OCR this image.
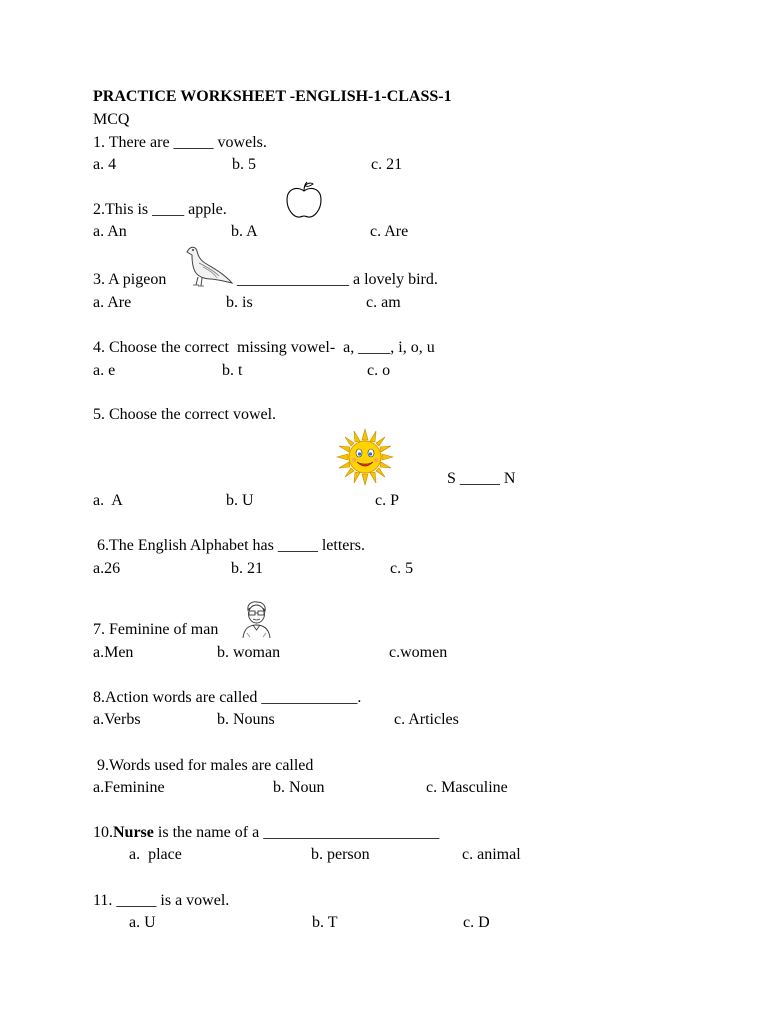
PRACTICE WORKSHEET -ENGLISH-1-CLASS-1
MCQ
1. There are _____ vowels.
a. 4	b. 5	c. 21
2.This is ____ apple.
a. An	b. A	c. Are
3. A pigeon	______________ a lovely bird.
a. Are	b. is	c. am
4. Choose the correct  missing vowel-  a, ____, i, o, u
a. e	b. t	c. o
5. Choose the correct vowel.
S _____ N
a.  A	b. U	c. P
6.The English Alphabet has _____ letters.
a.26	b. 21	c. 5
7. Feminine of man
a.Men	b. woman	c.women
8.Action words are called ____________.
a.Verbs	b. Nouns	c. Articles
9.Words used for males are called
a.Feminine	b. Noun	c. Masculine
10.Nurse is the name of a ______________________
a.  place	b. person	c. animal
11. _____ is a vowel.
a. U	b. T	c. D
